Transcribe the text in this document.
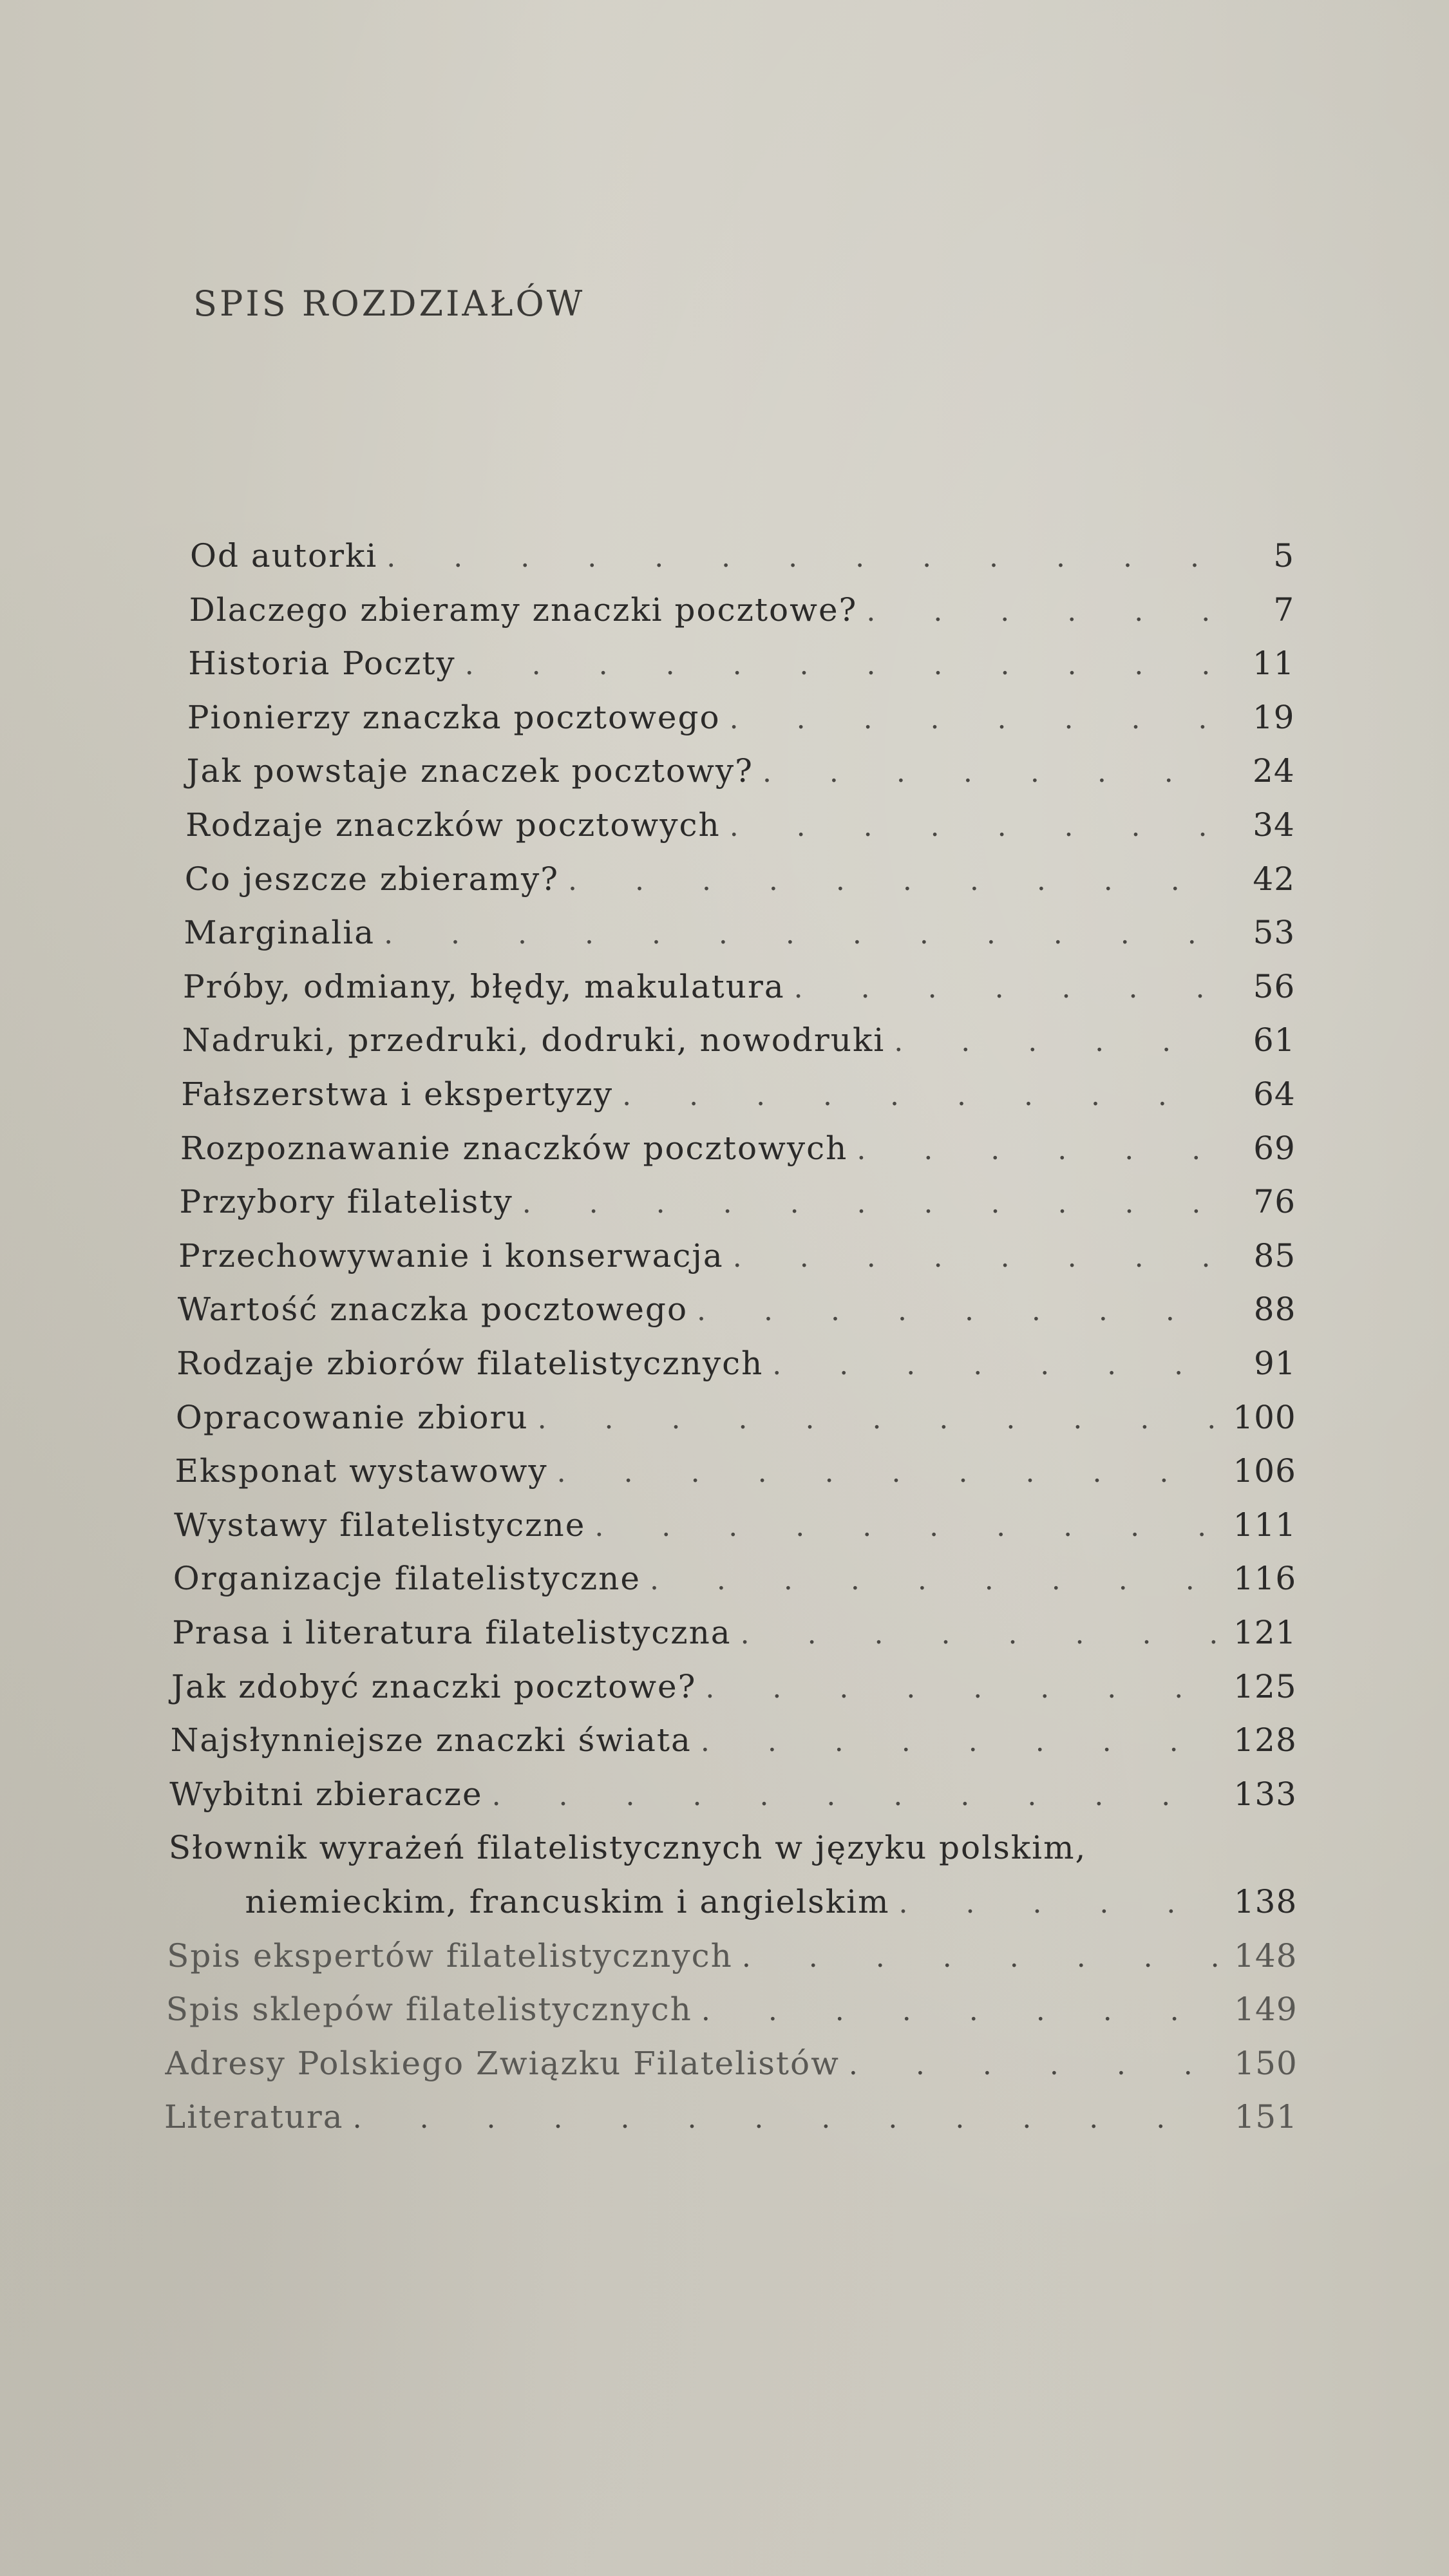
SPIS ROZDZIAŁÓW
Od autorki . . .	5
Dlaczego zbieramy znaczki pocztowe? . . .	7
Historia Poczty . . .	11
Pionierzy znaczka pocztowego . . .	19
Jak powstaje znaczek pocztowy? . . .	24
Rodzaje znaczków pocztowych . . .	34
Co jeszcze zbieramy? . . .	42
Marginalia . . .	53
Próby, odmiany, błędy, makulatura . . .	56
Nadruki, przedruki, dodruki, nowodruki . . .	61
Fałszerstwa i ekspertyzy . . .	64
Rozpoznawanie znaczków pocztowych . . .	69
Przybory filatelisty . . .	76
Przechowywanie i konserwacja . . .	85
Wartość znaczka pocztowego . . .	88
Rodzaje zbiorów filatelistycznych . . .	91
Opracowanie zbioru . . .	100
Eksponat wystawowy . . .	106
Wystawy filatelistyczne . . .	111
Organizacje filatelistyczne . . .	116
Prasa i literatura filatelistyczna . . .	121
Jak zdobyć znaczki pocztowe? . . .	125
Najsłynniejsze znaczki świata . . .	128
Wybitni zbieracze . . .	133
Słownik wyrażeń filatelistycznych w języku polskim,
niemieckim, francuskim i angielskim . . .	138
Spis ekspertów filatelistycznych . . .	148
Spis sklepów filatelistycznych . . .	149
Adresy Polskiego Związku Filatelistów . . .	150
Literatura . . .	151
